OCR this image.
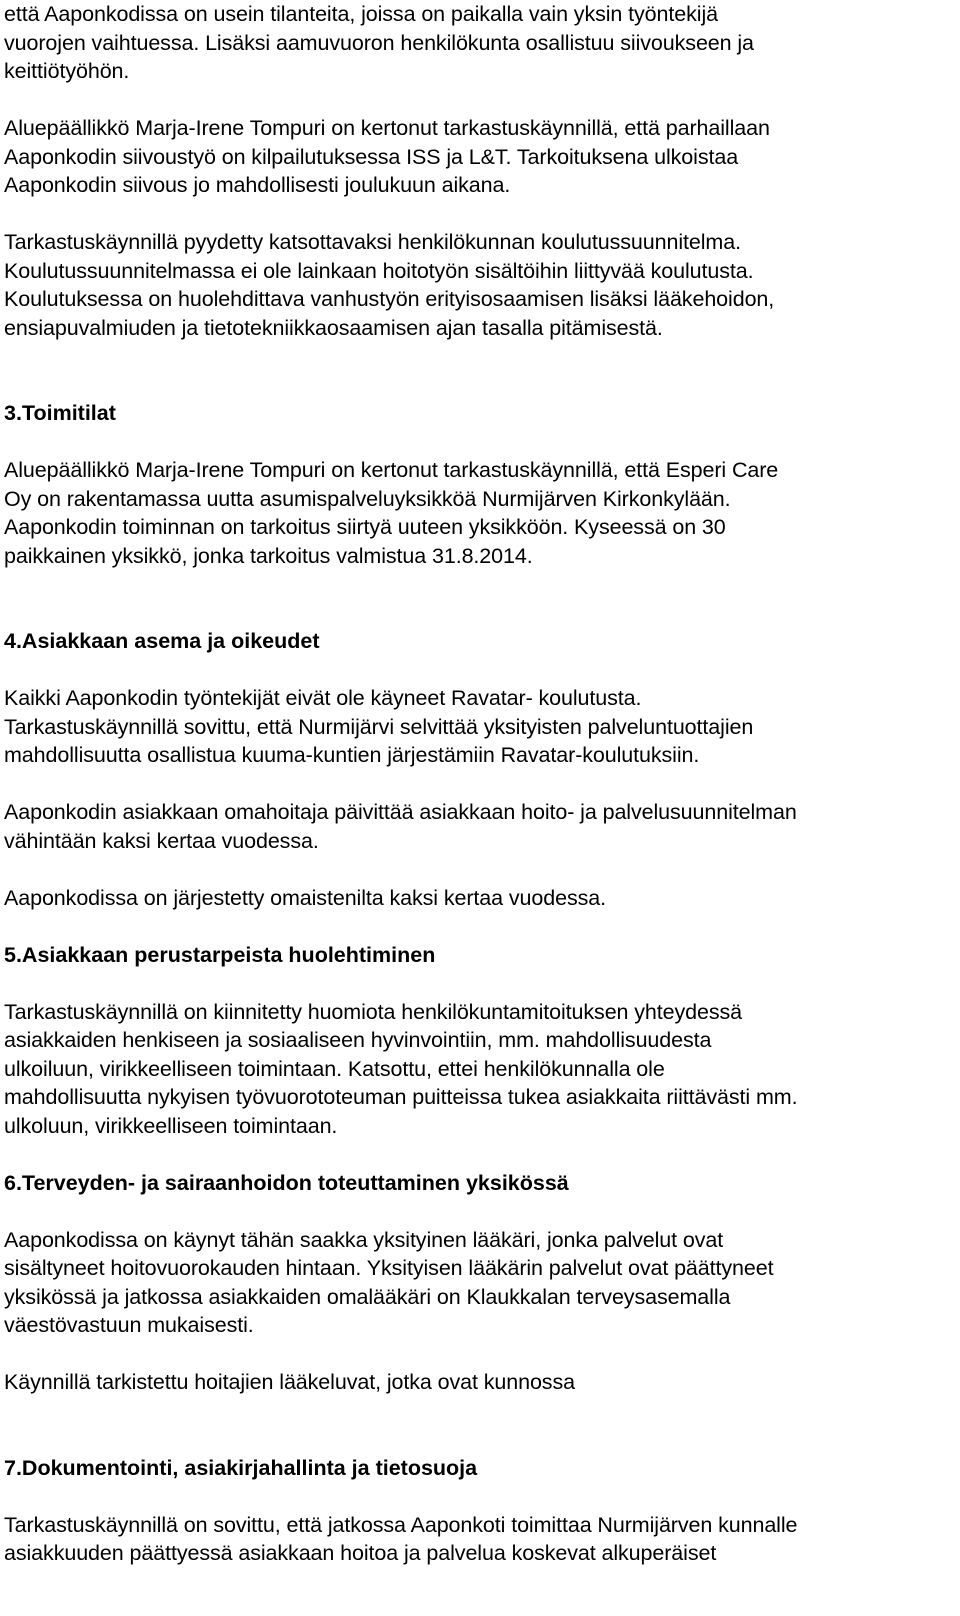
että Aaponkodissa on usein tilanteita, joissa on paikalla vain yksin työntekijä
vuorojen vaihtuessa. Lisäksi aamuvuoron henkilökunta osallistuu siivoukseen ja
keittiötyöhön.
Aluepäällikkö Marja-Irene Tompuri on kertonut tarkastuskäynnillä, että parhaillaan
Aaponkodin siivoustyö on kilpailutuksessa ISS ja L&T. Tarkoituksena ulkoistaa
Aaponkodin siivous jo mahdollisesti joulukuun aikana.
Tarkastuskäynnillä pyydetty katsottavaksi henkilökunnan koulutussuunnitelma.
Koulutussuunnitelmassa ei ole lainkaan hoitotyön sisältöihin liittyvää koulutusta.
Koulutuksessa on huolehdittava vanhustyön erityisosaamisen lisäksi lääkehoidon,
ensiapuvalmiuden ja tietotekniikkaosaamisen ajan tasalla pitämisestä.
3.Toimitilat
Aluepäällikkö Marja-Irene Tompuri on kertonut tarkastuskäynnillä, että Esperi Care
Oy on rakentamassa uutta asumispalveluyksikköä Nurmijärven Kirkonkylään.
Aaponkodin toiminnan on tarkoitus siirtyä uuteen yksikköön. Kyseessä on 30
paikkainen yksikkö, jonka tarkoitus valmistua 31.8.2014.
4.Asiakkaan asema ja oikeudet
Kaikki Aaponkodin työntekijät eivät ole käyneet Ravatar- koulutusta.
Tarkastuskäynnillä sovittu, että Nurmijärvi selvittää yksityisten palveluntuottajien
mahdollisuutta osallistua kuuma-kuntien järjestämiin Ravatar-koulutuksiin.
Aaponkodin asiakkaan omahoitaja päivittää asiakkaan hoito- ja palvelusuunnitelman
vähintään kaksi kertaa vuodessa.
Aaponkodissa on järjestetty omaistenilta kaksi kertaa vuodessa.
5.Asiakkaan perustarpeista huolehtiminen
Tarkastuskäynnillä on kiinnitetty huomiota henkilökuntamitoituksen yhteydessä
asiakkaiden henkiseen ja sosiaaliseen hyvinvointiin, mm. mahdollisuudesta
ulkoiluun, virikkeelliseen toimintaan. Katsottu, ettei henkilökunnalla ole
mahdollisuutta nykyisen työvuorototeuman puitteissa tukea asiakkaita riittävästi mm.
ulkoluun, virikkeelliseen toimintaan.
6.Terveyden- ja sairaanhoidon toteuttaminen yksikössä
Aaponkodissa on käynyt tähän saakka yksityinen lääkäri, jonka palvelut ovat
sisältyneet hoitovuorokauden hintaan. Yksityisen lääkärin palvelut ovat päättyneet
yksikössä ja jatkossa asiakkaiden omalääkäri on Klaukkalan terveysasemalla
väestövastuun mukaisesti.
Käynnillä tarkistettu hoitajien lääkeluvat, jotka ovat kunnossa
7.Dokumentointi, asiakirjahallinta ja tietosuoja
Tarkastuskäynnillä on sovittu, että jatkossa Aaponkoti toimittaa Nurmijärven kunnalle
asiakkuuden päättyessä asiakkaan hoitoa ja palvelua koskevat alkuperäiset
